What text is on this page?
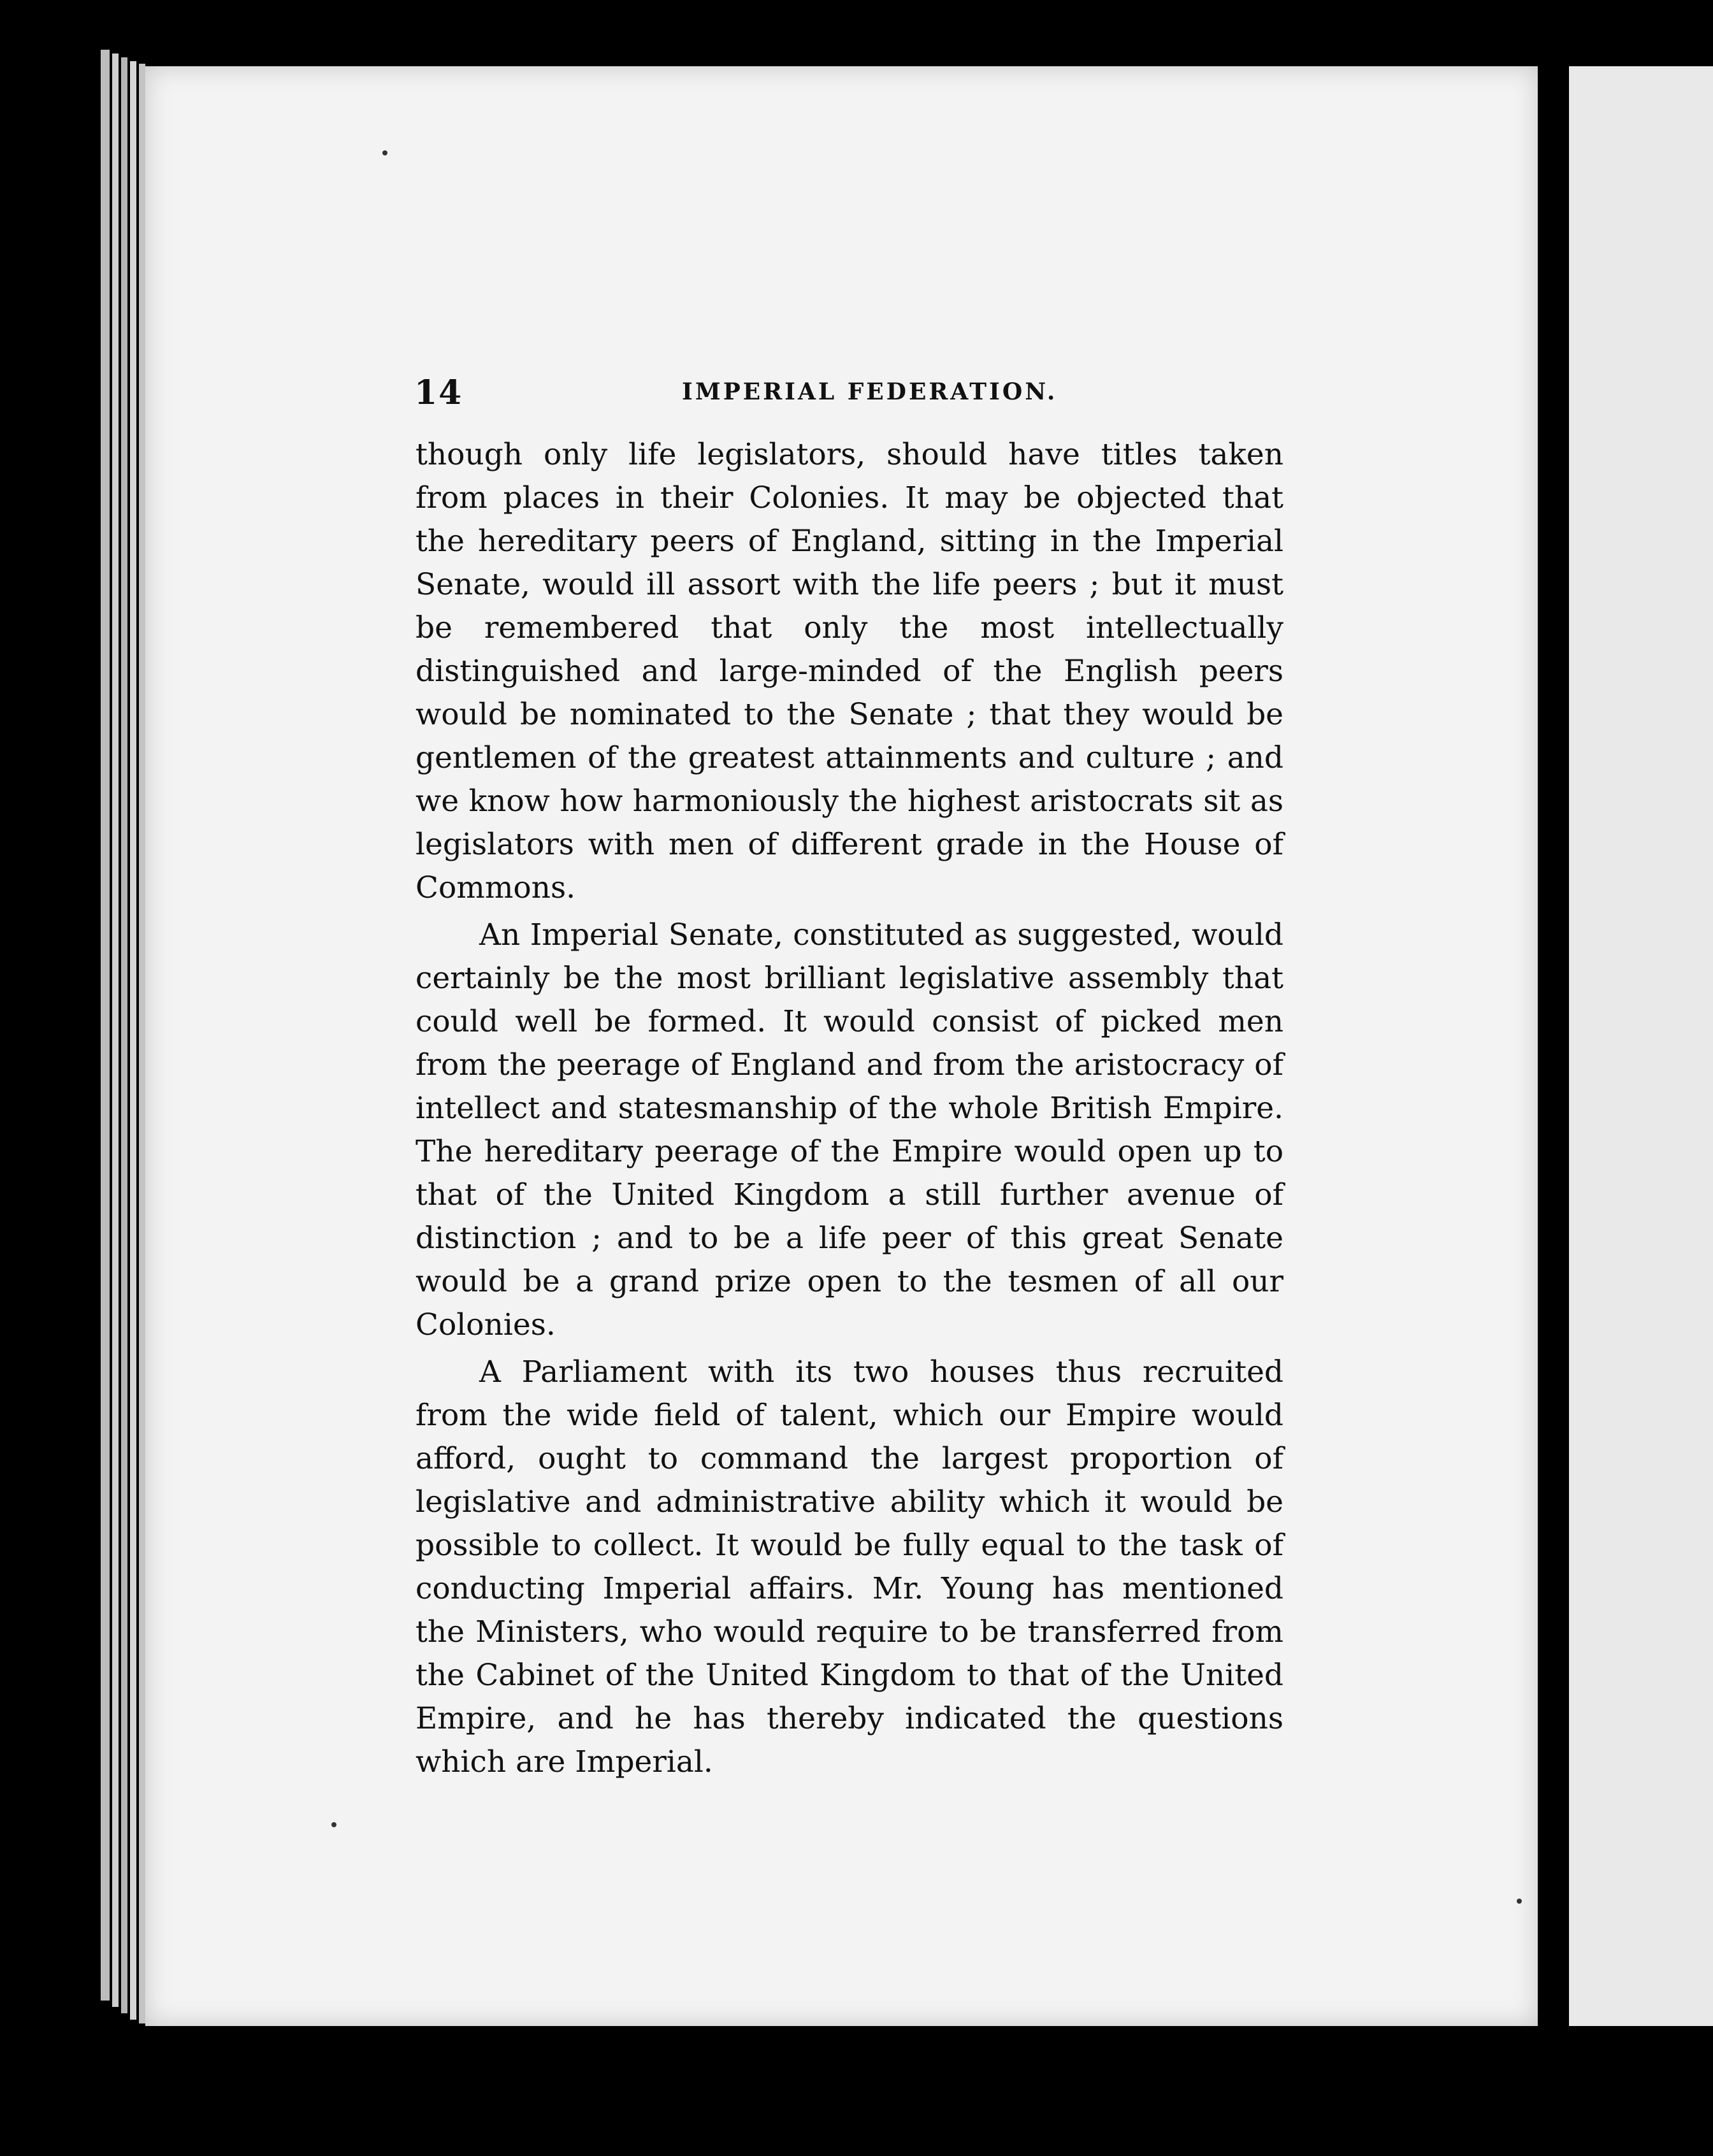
14	IMPERIAL FEDERATION.

though only life legislators, should have titles taken from places in their Colonies. It may be objected that the hereditary peers of England, sitting in the Imperial Senate, would ill assort with the life peers ; but it must be remembered that only the most intellectually distinguished and large-minded of the English peers would be nominated to the Senate ; that they would be gentlemen of the greatest attainments and culture ; and we know how harmoniously the highest aristocrats sit as legislators with men of different grade in the House of Commons.

An Imperial Senate, constituted as suggested, would certainly be the most brilliant legislative assembly that could well be formed. It would consist of picked men from the peerage of England and from the aristocracy of intellect and statesmanship of the whole British Empire. The hereditary peerage of the Empire would open up to that of the United Kingdom a still further avenue of distinction ; and to be a life peer of this great Senate would be a grand prize open to the tesmen of all our Colonies.

A Parliament with its two houses thus recruited from the wide field of talent, which our Empire would afford, ought to command the largest proportion of legislative and administrative ability which it would be possible to collect. It would be fully equal to the task of conducting Imperial affairs. Mr. Young has mentioned the Ministers, who would require to be transferred from the Cabinet of the United Kingdom to that of the United Empire, and he has thereby indicated the questions which are Imperial.
